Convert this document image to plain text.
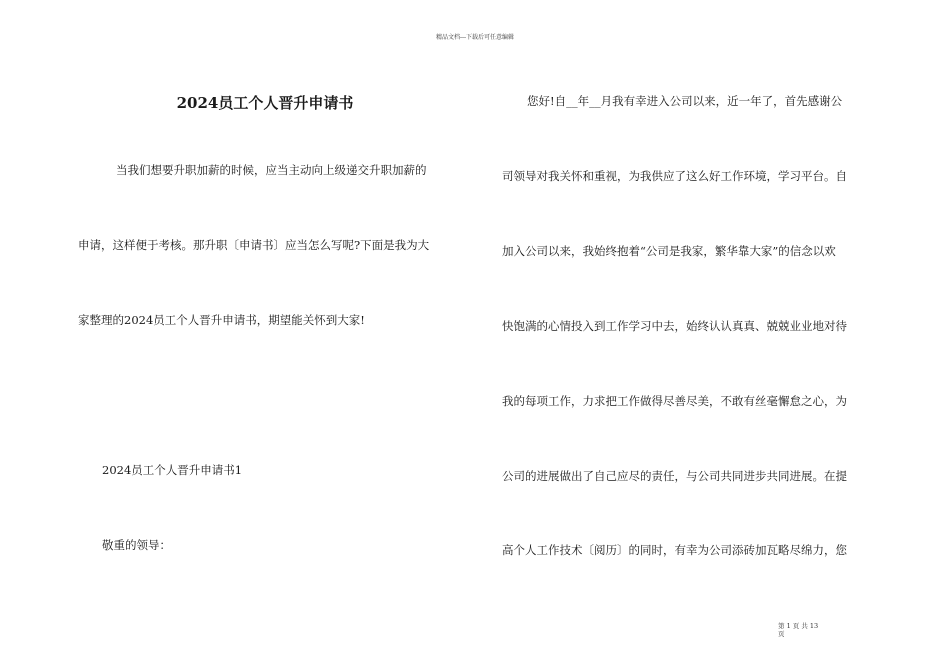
精品文档---下载后可任意编辑
2024员工个人晋升申请书
当我们想要升职加薪的时候，应当主动向上级递交升职加薪的
申请，这样便于考核。那升职〔申请书〕应当怎么写呢?下面是我为大
家整理的2024员工个人晋升申请书，期望能关怀到大家!
2024员工个人晋升申请书1
敬重的领导：
您好!自__年__月我有幸进入公司以来，近一年了，首先感谢公
司领导对我关怀和重视，为我供应了这么好工作环境，学习平台。自
加入公司以来，我始终抱着“公司是我家，繁华靠大家”的信念以欢
快饱满的心情投入到工作学习中去，始终认认真真、兢兢业业地对待
我的每项工作，力求把工作做得尽善尽美，不敢有丝毫懈怠之心，为
公司的进展做出了自己应尽的责任，与公司共同进步共同进展。在提
高个人工作技术〔阅历〕的同时，有幸为公司添砖加瓦略尽绵力，您
第 1 页 共 13
页
